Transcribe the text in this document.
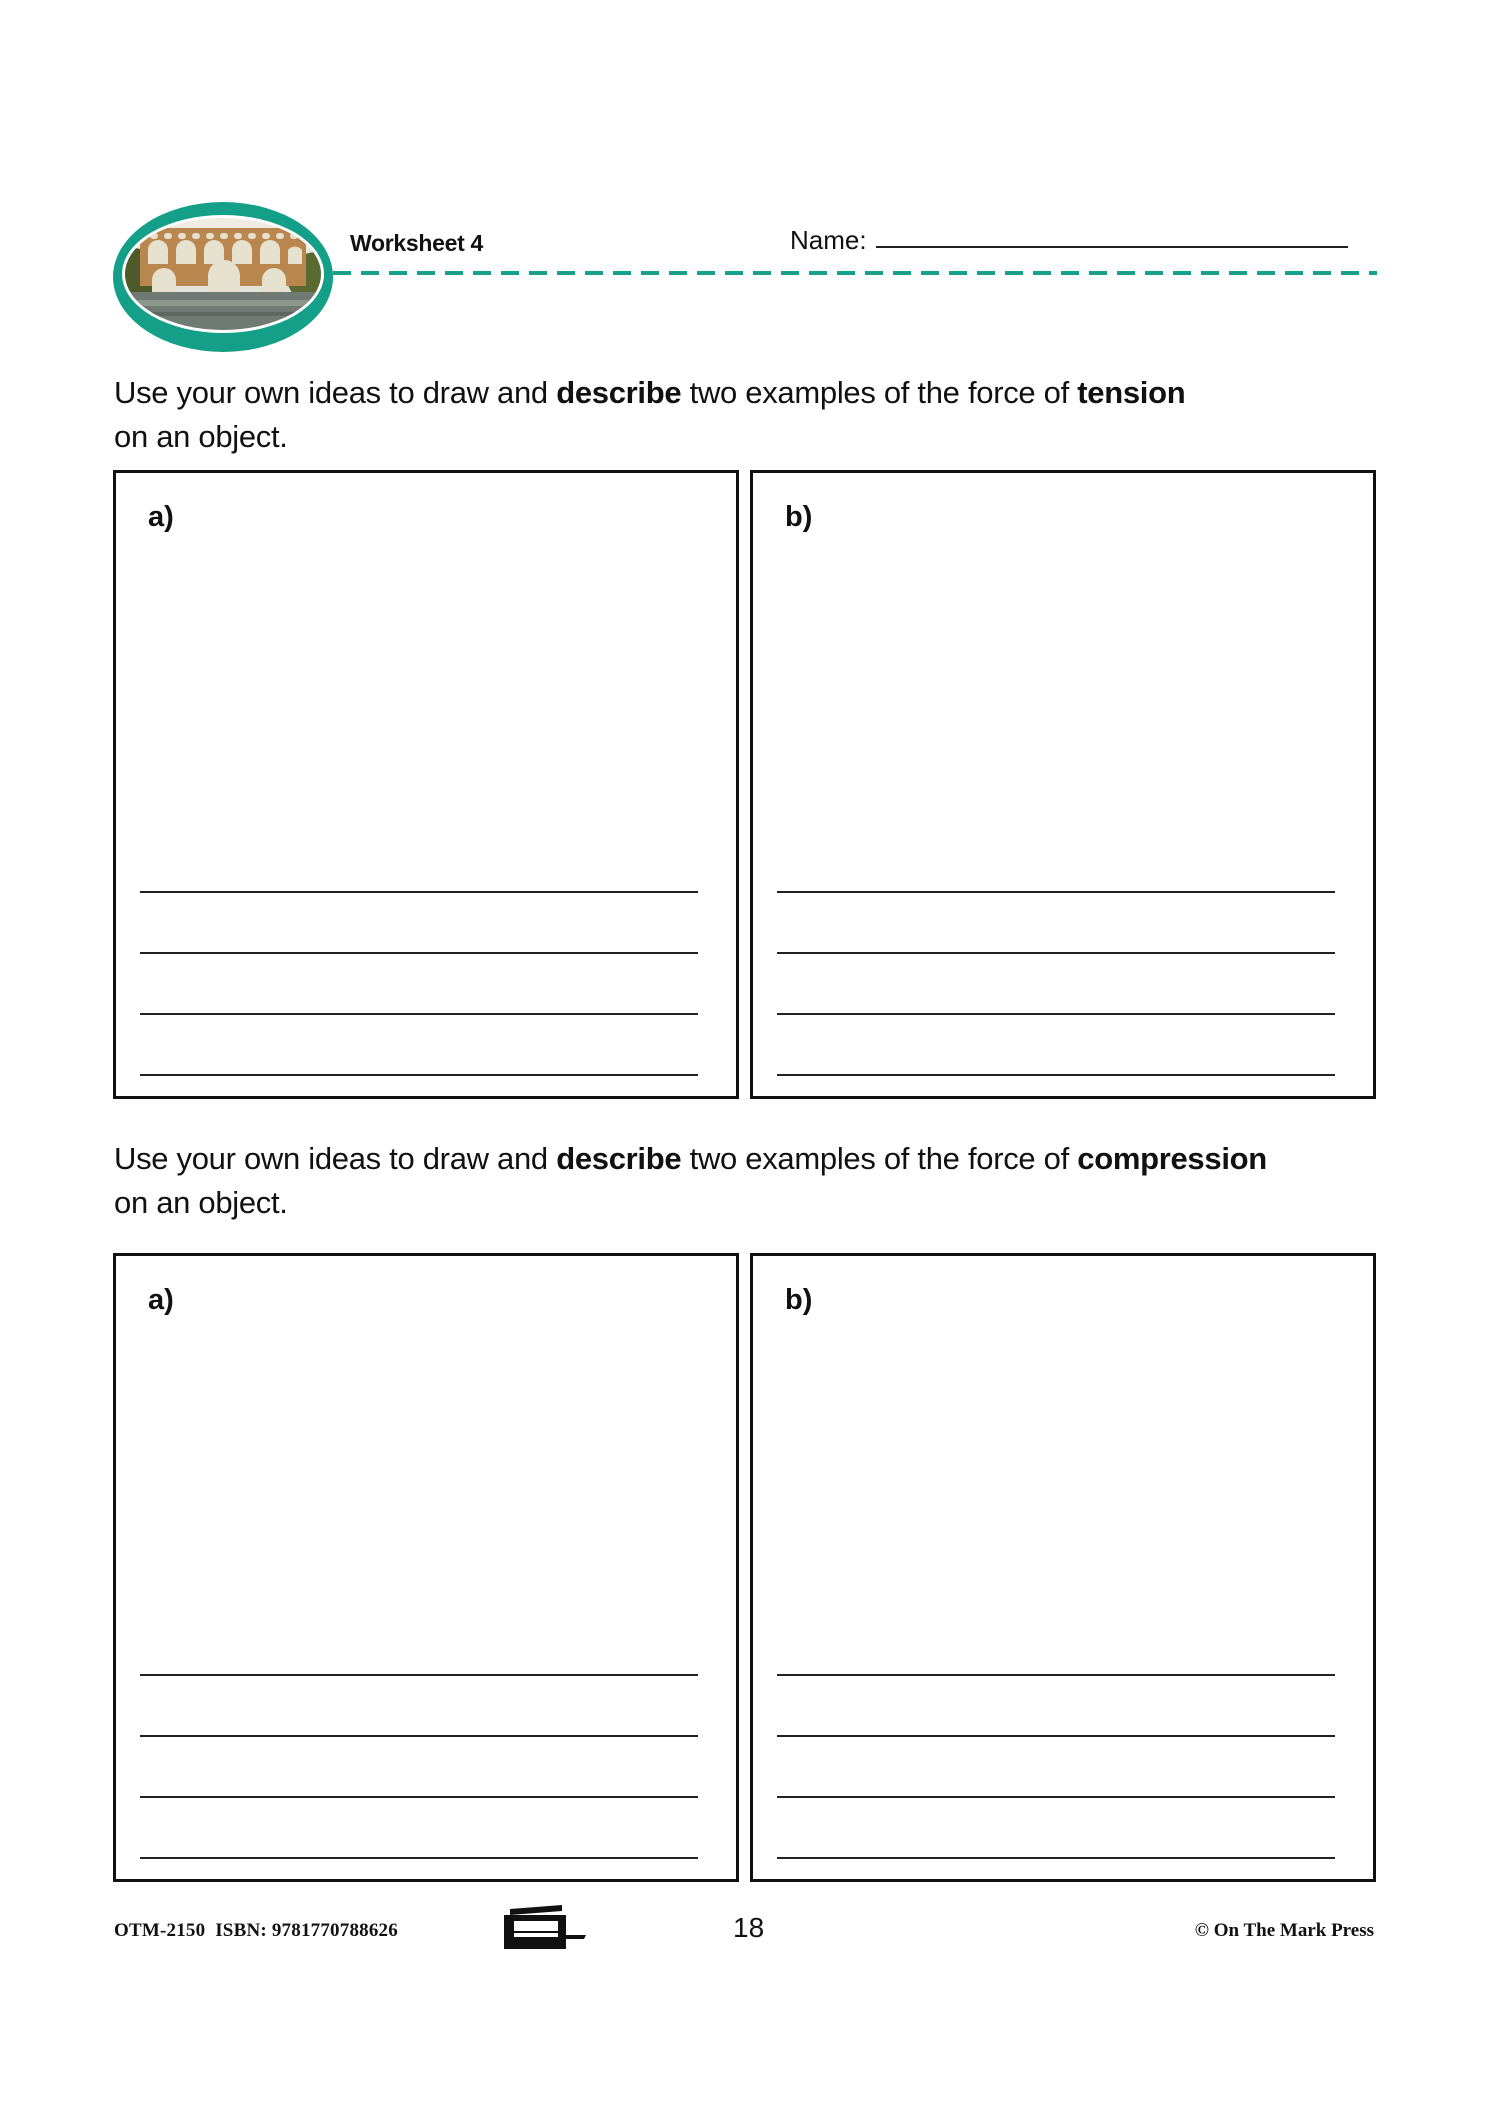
Worksheet 4	Name:
Use your own ideas to draw and describe two examples of the force of tension
on an object.
a)	b)
Use your own ideas to draw and describe two examples of the force of compression
on an object.
a)	b)
OTM-2150  ISBN: 9781770788626	18	© On The Mark Press
